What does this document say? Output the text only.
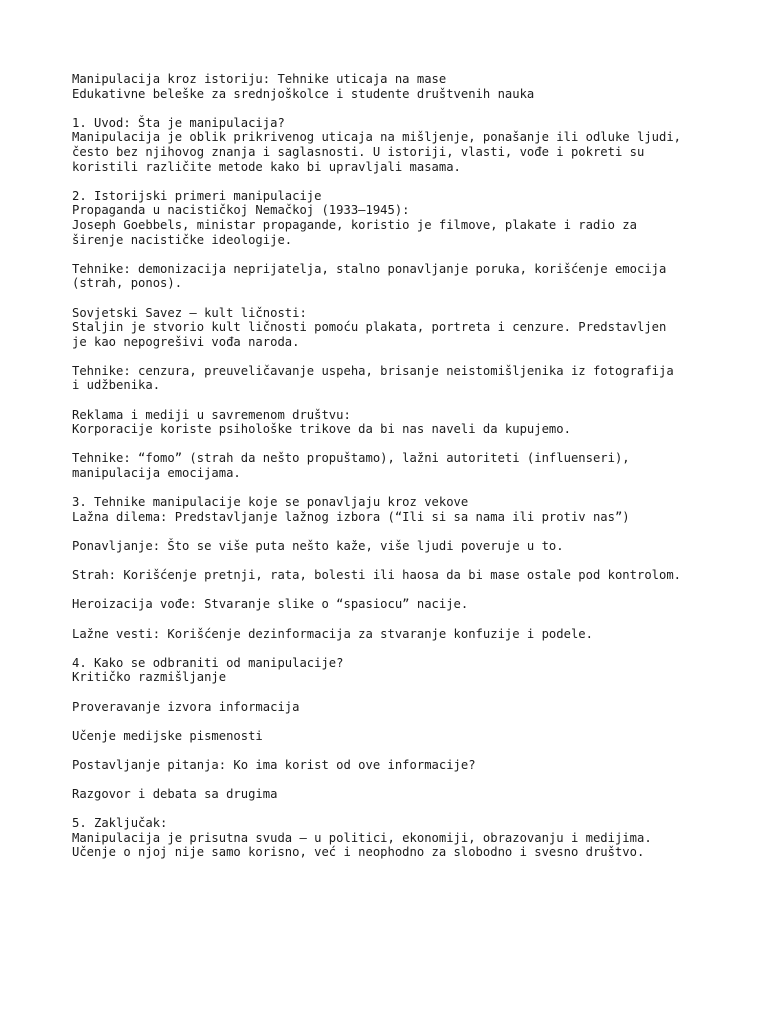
Manipulacija kroz istoriju: Tehnike uticaja na mase
Edukativne beleške za srednjoškolce i studente društvenih nauka
1. Uvod: Šta je manipulacija?
Manipulacija je oblik prikrivenog uticaja na mišljenje, ponašanje ili odluke ljudi,
često bez njihovog znanja i saglasnosti. U istoriji, vlasti, vođe i pokreti su
koristili različite metode kako bi upravljali masama.
2. Istorijski primeri manipulacije
Propaganda u nacističkoj Nemačkoj (1933–1945):
Joseph Goebbels, ministar propagande, koristio je filmove, plakate i radio za
širenje nacističke ideologije.
Tehnike: demonizacija neprijatelja, stalno ponavljanje poruka, korišćenje emocija
(strah, ponos).
Sovjetski Savez – kult ličnosti:
Staljin je stvorio kult ličnosti pomoću plakata, portreta i cenzure. Predstavljen
je kao nepogrešivi vođa naroda.
Tehnike: cenzura, preuveličavanje uspeha, brisanje neistomišljenika iz fotografija
i udžbenika.
Reklama i mediji u savremenom društvu:
Korporacije koriste psihološke trikove da bi nas naveli da kupujemo.
Tehnike: “fomo” (strah da nešto propuštamo), lažni autoriteti (influenseri),
manipulacija emocijama.
3. Tehnike manipulacije koje se ponavljaju kroz vekove
Lažna dilema: Predstavljanje lažnog izbora (“Ili si sa nama ili protiv nas”)
Ponavljanje: Što se više puta nešto kaže, više ljudi poveruje u to.
Strah: Korišćenje pretnji, rata, bolesti ili haosa da bi mase ostale pod kontrolom.
Heroizacija vođe: Stvaranje slike o “spasiocu” nacije.
Lažne vesti: Korišćenje dezinformacija za stvaranje konfuzije i podele.
4. Kako se odbraniti od manipulacije?
Kritičko razmišljanje
Proveravanje izvora informacija
Učenje medijske pismenosti
Postavljanje pitanja: Ko ima korist od ove informacije?
Razgovor i debata sa drugima
5. Zaključak:
Manipulacija je prisutna svuda – u politici, ekonomiji, obrazovanju i medijima.
Učenje o njoj nije samo korisno, već i neophodno za slobodno i svesno društvo.
